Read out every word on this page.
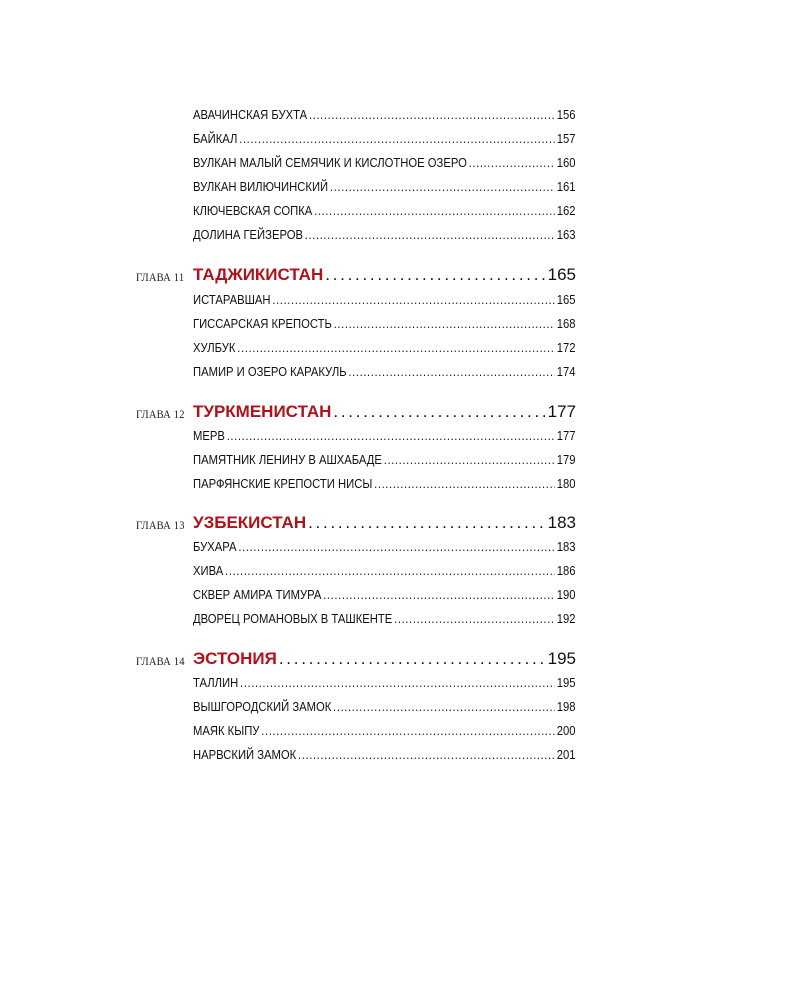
АВАЧИНСКАЯ БУХТА . . .	156
БАЙКАЛ . . .	157
ВУЛКАН МАЛЫЙ СЕМЯЧИК И КИСЛОТНОЕ ОЗЕРО . . .	160
ВУЛКАН ВИЛЮЧИНСКИЙ . . .	161
КЛЮЧЕВСКАЯ СОПКА . . .	162
ДОЛИНА ГЕЙЗЕРОВ . . .	163
ГЛАВА 11 ТАДЖИКИСТАН . . .	165
ИСТАРАВШАН . . .	165
ГИССАРСКАЯ КРЕПОСТЬ . . .	168
ХУЛБУК . . .	172
ПАМИР И ОЗЕРО КАРАКУЛЬ . . .	174
ГЛАВА 12 ТУРКМЕНИСТАН . . .	177
МЕРВ . . .	177
ПАМЯТНИК ЛЕНИНУ В АШХАБАДЕ . . .	179
ПАРФЯНСКИЕ КРЕПОСТИ НИСЫ . . .	180
ГЛАВА 13 УЗБЕКИСТАН . . .	183
БУХАРА . . .	183
ХИВА . . .	186
СКВЕР АМИРА ТИМУРА . . .	190
ДВОРЕЦ РОМАНОВЫХ В ТАШКЕНТЕ . . .	192
ГЛАВА 14 ЭСТОНИЯ . . .	195
ТАЛЛИН . . .	195
ВЫШГОРОДСКИЙ ЗАМОК . . .	198
МАЯК КЫПУ . . .	200
НАРВСКИЙ ЗАМОК . . .	201
